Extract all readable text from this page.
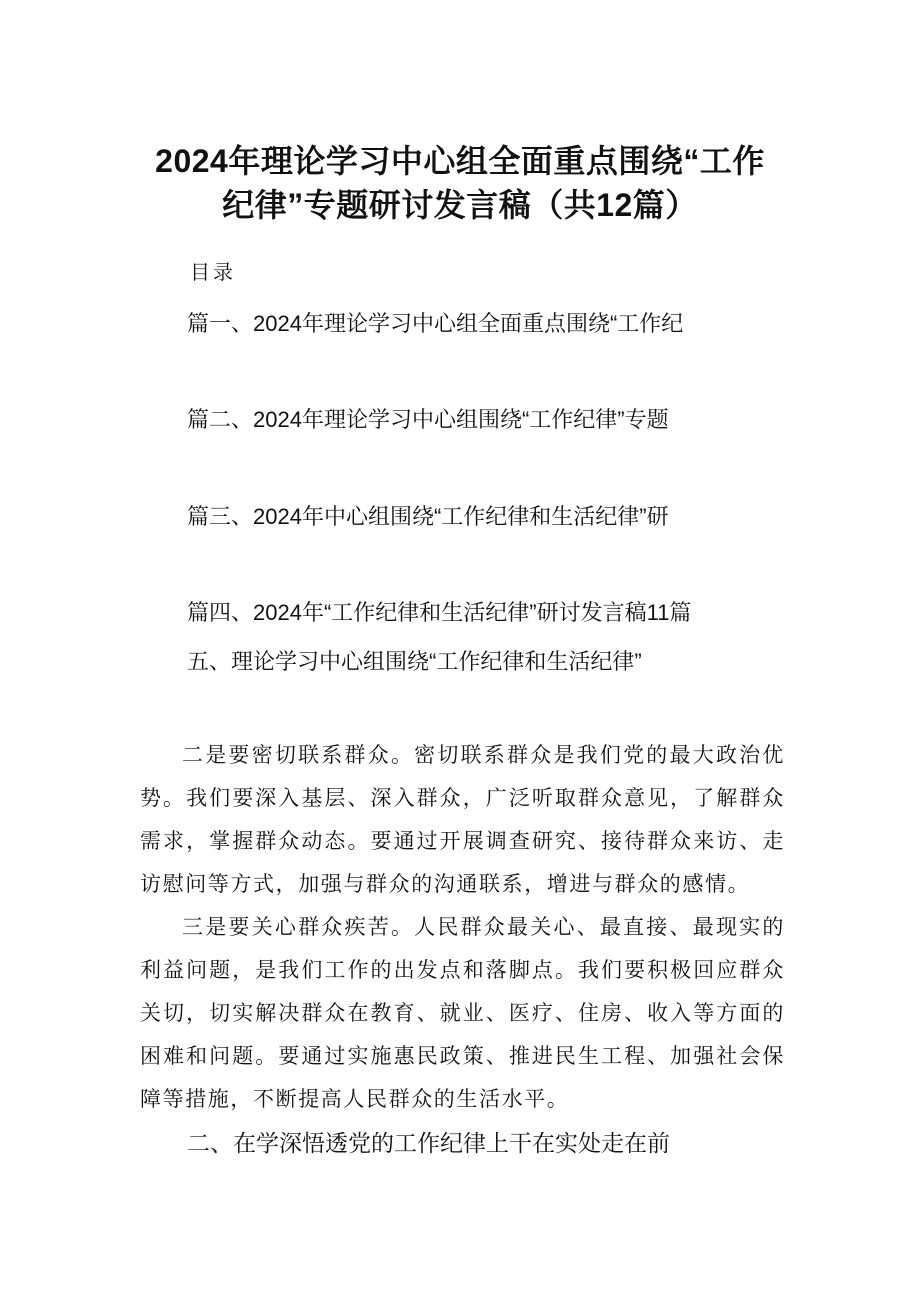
2024年理论学习中心组全面重点围绕“工作
纪律”专题研讨发言稿（共12篇）
目录
篇一、2024年理论学习中心组全面重点围绕“工作纪
篇二、2024年理论学习中心组围绕“工作纪律”专题
篇三、2024年中心组围绕“工作纪律和生活纪律”研
篇四、2024年“工作纪律和生活纪律”研讨发言稿11篇
五、理论学习中心组围绕“工作纪律和生活纪律”

二是要密切联系群众。密切联系群众是我们党的最大政治优势。我们要深入基层、深入群众，广泛听取群众意见，了解群众需求，掌握群众动态。要通过开展调查研究、接待群众来访、走访慰问等方式，加强与群众的沟通联系，增进与群众的感情。

三是要关心群众疾苦。人民群众最关心、最直接、最现实的利益问题，是我们工作的出发点和落脚点。我们要积极回应群众关切，切实解决群众在教育、就业、医疗、住房、收入等方面的困难和问题。要通过实施惠民政策、推进民生工程、加强社会保障等措施，不断提高人民群众的生活水平。

二、在学深悟透党的工作纪律上干在实处走在前
